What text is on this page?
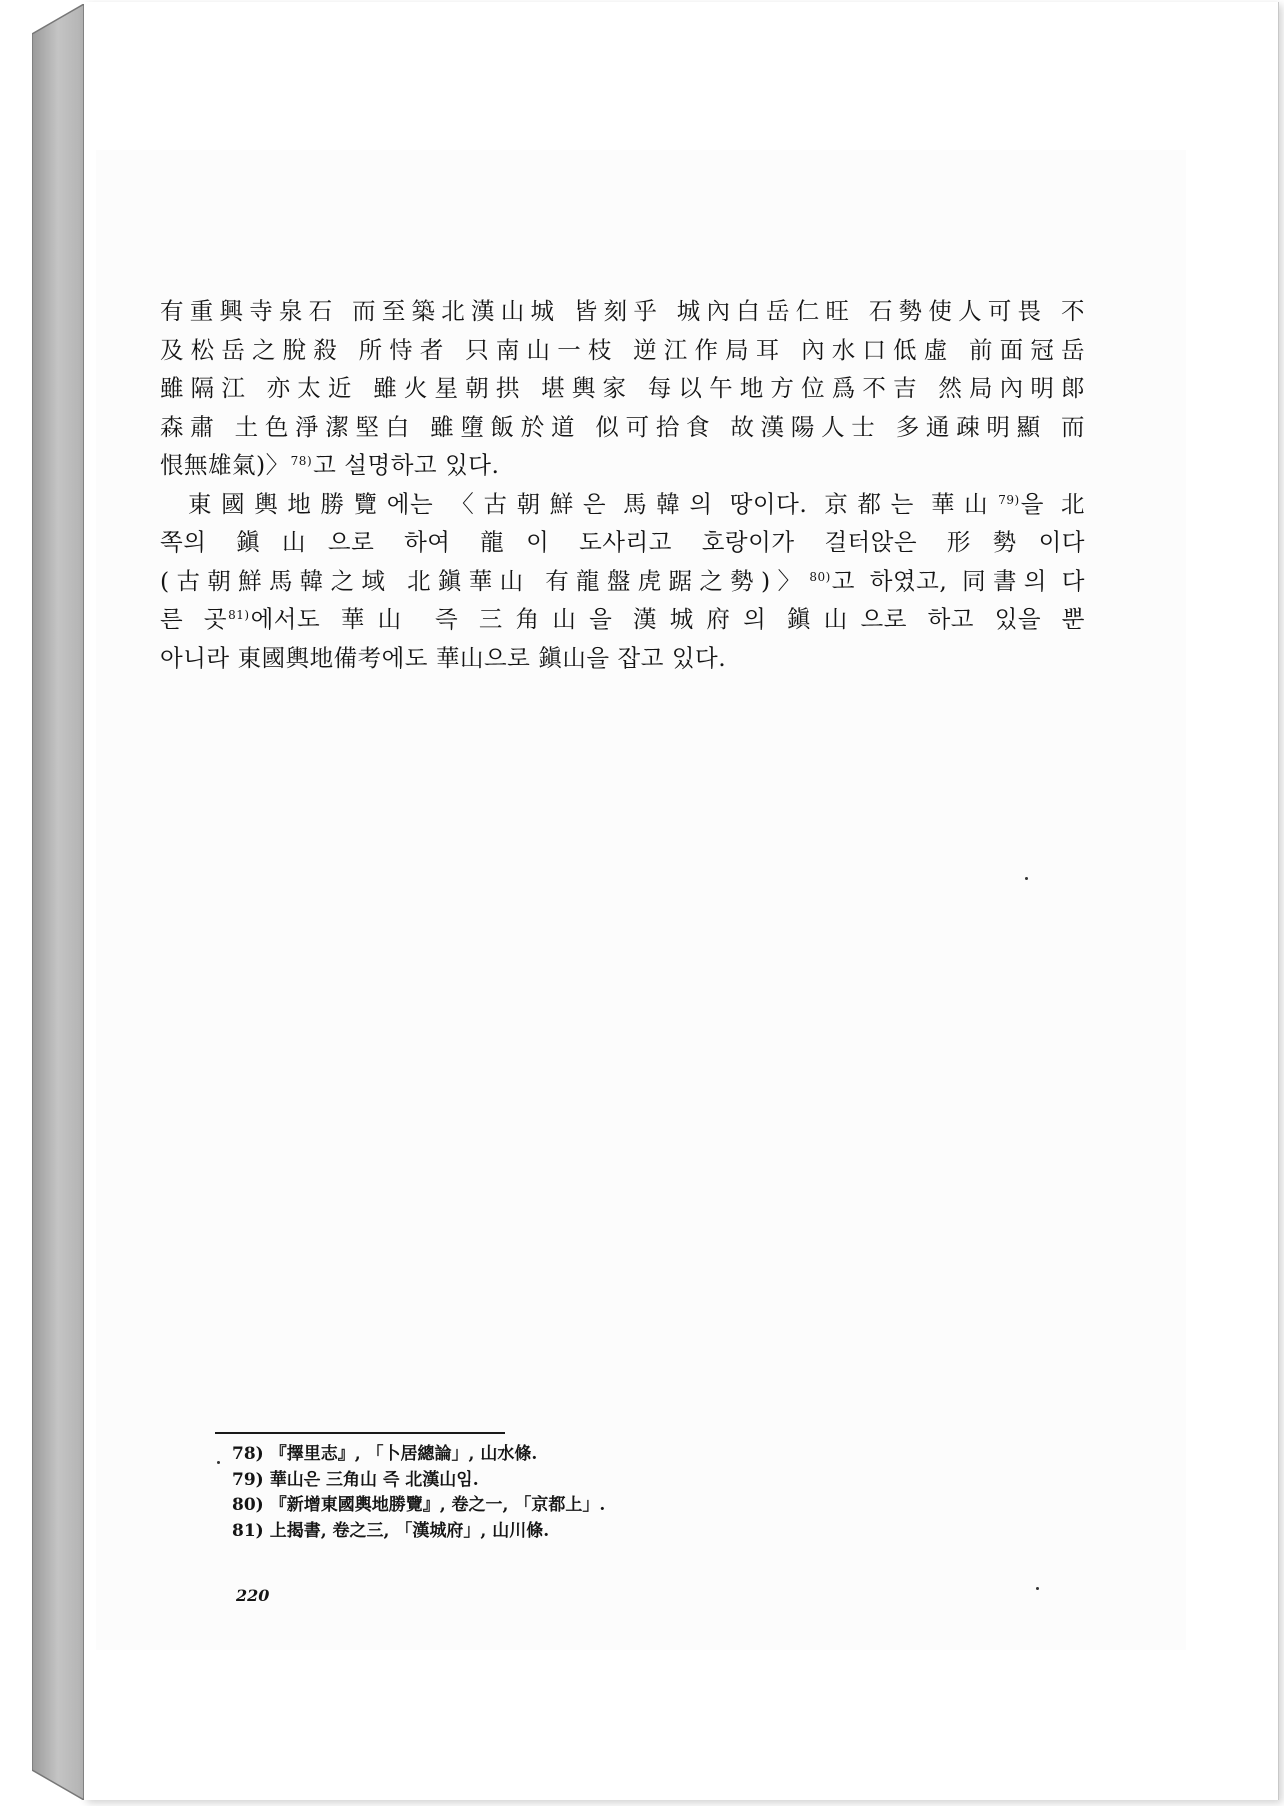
有重興寺泉石 而至築北漢山城 皆刻乎 城內白岳仁旺 石勢使人可畏 不
及松岳之脫殺 所恃者 只南山一枝 逆江作局耳 內水口低虛 前面冠岳
雖隔江 亦太近 雖火星朝拱 堪輿家 每以午地方位爲不吉 然局內明郞
森肅 土色淨潔堅白 雖墮飯於道 似可拾食 故漢陽人士 多通疎明顯 而
恨無雄氣)〉$^{78)}$고 설명하고 있다.

東國輿地勝覽에는 〈古朝鮮은 馬韓의 땅이다. 京都는 華山$^{79)}$을 北
쪽의 鎭山으로 하여 龍이 도사리고 호랑이가 걸터앉은 形勢이다
(古朝鮮馬韓之域 北鎭華山 有龍盤虎踞之勢)〉$^{80)}$고 하였고, 同書의 다
른 곳$^{81)}$에서도 華山 즉 三角山을 漢城府의 鎭山으로 하고 있을 뿐
아니라 東國輿地備考에도 華山으로 鎭山을 잡고 있다.

78) 『擇里志』, 「卜居總論」, 山水條.
79) 華山은 三角山 즉 北漢山임.
80) 『新增東國輿地勝覽』, 卷之一, 「京都上」.
81) 上揭書, 卷之三, 「漢城府」, 山川條.
220
